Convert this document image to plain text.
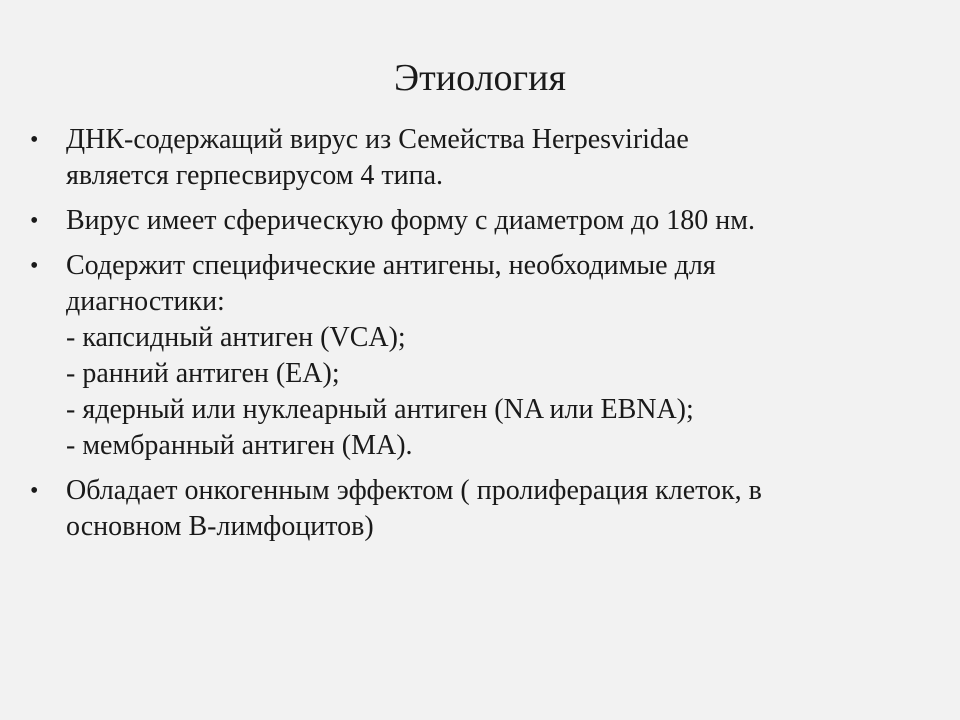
Этиология
• ДНК-содержащий вирус из Семейства Herpesviridae
является герпесвирусом 4 типа.
• Вирус имеет сферическую форму с диаметром до 180 нм.
• Содержит специфические антигены, необходимые для
диагностики:
- капсидный антиген (VCA);
- ранний антиген (EA);
- ядерный или нуклеарный антиген (NA или EBNA);
- мембранный антиген (MA).
• Обладает онкогенным эффектом ( пролиферация клеток, в
основном В-лимфоцитов)
